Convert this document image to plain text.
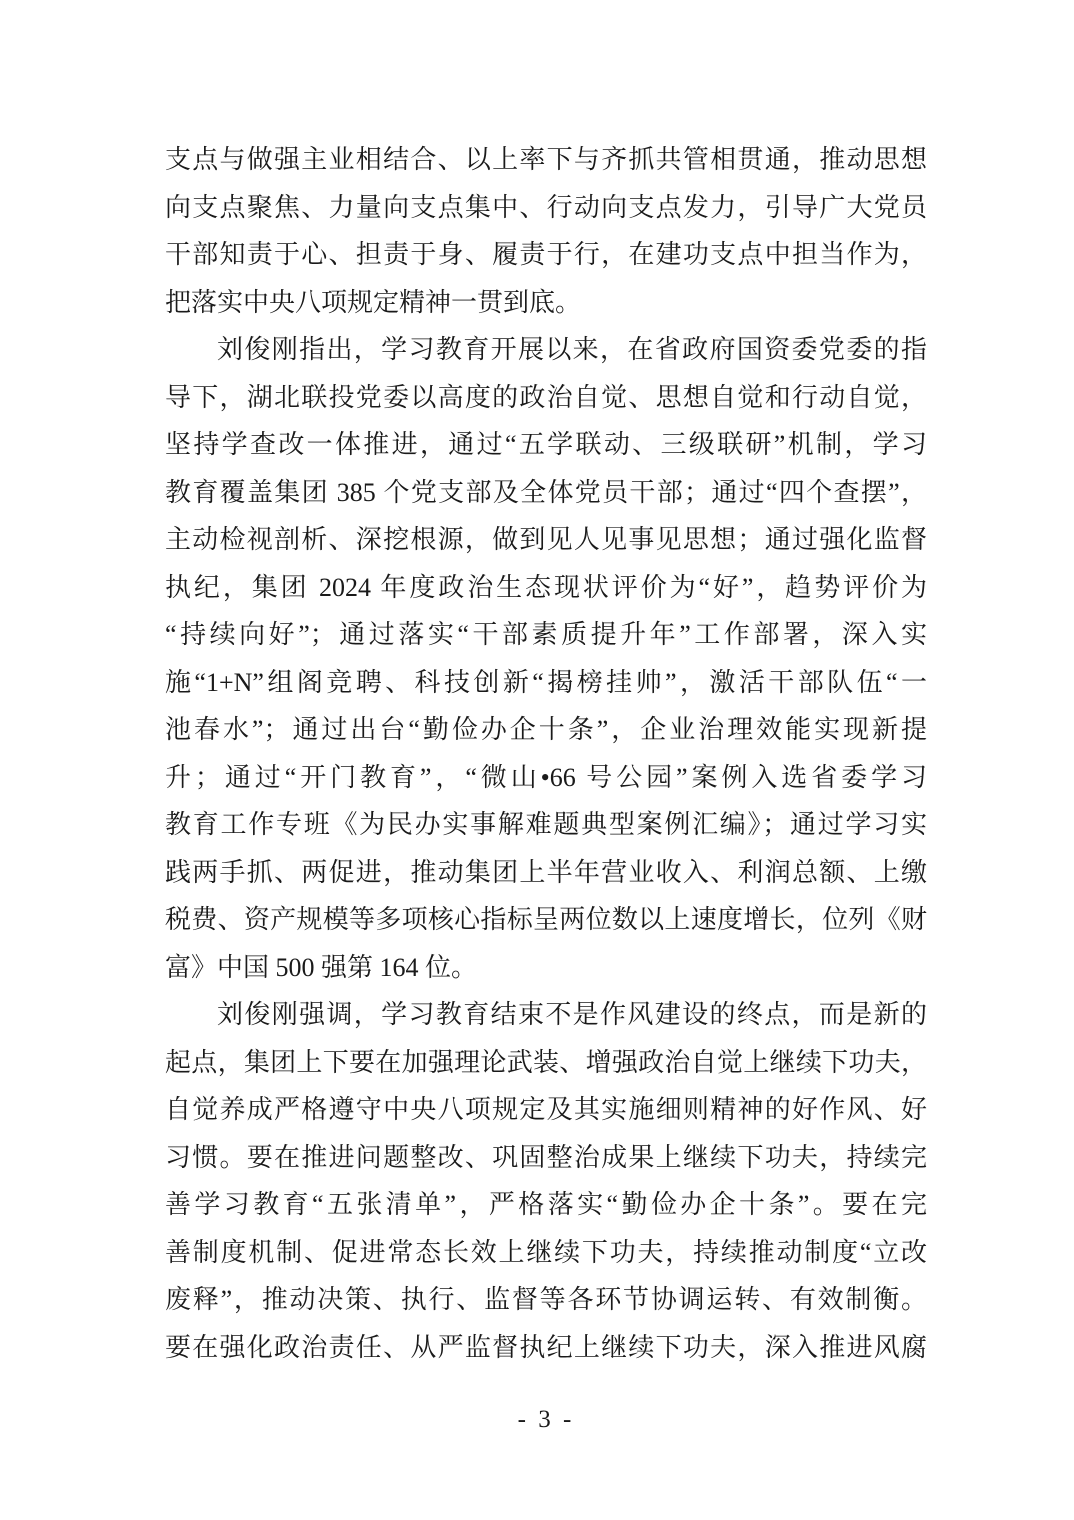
支点与做强主业相结合、以上率下与齐抓共管相贯通，推动思想
向支点聚焦、力量向支点集中、行动向支点发力，引导广大党员
干部知责于心、担责于身、履责于行，在建功支点中担当作为，
把落实中央八项规定精神一贯到底。
刘俊刚指出，学习教育开展以来，在省政府国资委党委的指
导下，湖北联投党委以高度的政治自觉、思想自觉和行动自觉，
坚持学查改一体推进，通过“五学联动、三级联研”机制，学习
教育覆盖集团 385 个党支部及全体党员干部；通过“四个查摆”，
主动检视剖析、深挖根源，做到见人见事见思想；通过强化监督
执纪，集团 2024 年度政治生态现状评价为“好”，趋势评价为
“持续向好”；通过落实“干部素质提升年”工作部署，深入实
施“1+N”组阁竞聘、科技创新“揭榜挂帅”，激活干部队伍“一
池春水”；通过出台“勤俭办企十条”，企业治理效能实现新提
升；通过“开门教育”，“微山•66 号公园”案例入选省委学习
教育工作专班《为民办实事解难题典型案例汇编》；通过学习实
践两手抓、两促进，推动集团上半年营业收入、利润总额、上缴
税费、资产规模等多项核心指标呈两位数以上速度增长，位列《财
富》中国 500 强第 164 位。
刘俊刚强调，学习教育结束不是作风建设的终点，而是新的
起点，集团上下要在加强理论武装、增强政治自觉上继续下功夫，
自觉养成严格遵守中央八项规定及其实施细则精神的好作风、好
习惯。要在推进问题整改、巩固整治成果上继续下功夫，持续完
善学习教育“五张清单”，严格落实“勤俭办企十条”。要在完
善制度机制、促进常态长效上继续下功夫，持续推动制度“立改
废释”，推动决策、执行、监督等各环节协调运转、有效制衡。
要在强化政治责任、从严监督执纪上继续下功夫，深入推进风腐
- 3 -
